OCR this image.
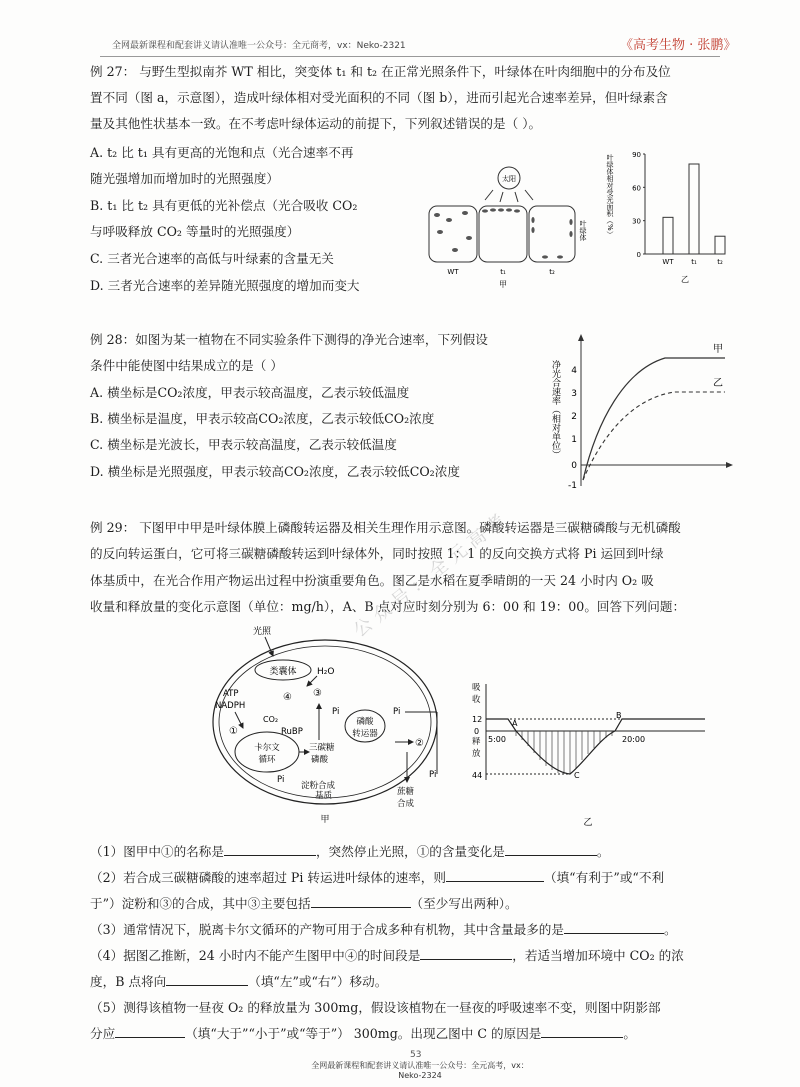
全网最新课程和配套讲义请认准唯一公众号：全元商考，vx：Neko-2321	《高考生物 · 张鹏》
公众号：全元高考
例 27： 与野生型拟南芥 WT 相比，突变体 t₁ 和 t₂ 在正常光照条件下，叶绿体在叶肉细胞中的分布及位
置不同（图 a，示意图），造成叶绿体相对受光面积的不同（图 b），进而引起光合速率差异，但叶绿素含
量及其他性状基本一致。在不考虑叶绿体运动的前提下，下列叙述错误的是（ ）。
A. t₂ 比 t₁ 具有更高的光饱和点（光合速率不再
随光强增加而增加时的光照强度）
B. t₁ 比 t₂ 具有更低的光补偿点（光合吸收 CO₂
与呼吸释放 CO₂ 等量时的光照强度）
C. 三者光合速率的高低与叶绿素的含量无关
D. 三者光合速率的差异随光照强度的增加而变大
太阳
叶绿体
WT	t₁	t₂
甲
叶绿体相对受光面积（%）
0
30
60
90
WT	t₁	t₂
乙
例 28：如图为某一植物在不同实验条件下测得的净光合速率，下列假设
条件中能使图中结果成立的是（ ）
A. 横坐标是CO₂浓度，甲表示较高温度，乙表示较低温度
B. 横坐标是温度，甲表示较高CO₂浓度，乙表示较低CO₂浓度
C. 横坐标是光波长，甲表示较高温度，乙表示较低温度
D. 横坐标是光照强度，甲表示较高CO₂浓度，乙表示较低CO₂浓度
净光合速率（相对单位） 4
3
2
1
0
-1
甲
乙
例 29： 下图甲中甲是叶绿体膜上磷酸转运器及相关生理作用示意图。磷酸转运器是三碳糖磷酸与无机磷酸
的反向转运蛋白，它可将三碳糖磷酸转运到叶绿体外，同时按照 1：1 的反向交换方式将 Pi 运回到叶绿
体基质中，在光合作用产物运出过程中扮演重要角色。图乙是水稻在夏季晴朗的一天 24 小时内 O₂ 吸
收量和释放量的变化示意图（单位：mg/h），A、B 点对应时刻分别为 6：00 和 19：00。回答下列问题：
光照
类囊体 H₂O
④
ATP
NADPH
①
CO₂
RuBP
卡尔文
循环
三碳糖
磷酸
③
Pi
淀粉合成
磷酸
转运器
Pi	Pi
②
Pi
蔗糖
合成
基质
甲
吸
收
释
放
12
0
44
A
B
C
5:00	20:00
乙
（1）图甲中①的名称是	，突然停止光照，①的含量变化是	。
（2）若合成三碳糖磷酸的速率超过 Pi 转运进叶绿体的速率，则	（填“有利于”或“不利
于”）淀粉和③的合成，其中③主要包括	（至少写出两种）。
（3）通常情况下，脱离卡尔文循环的产物可用于合成多种有机物，其中含量最多的是	。
（4）据图乙推断，24 小时内不能产生图甲中④的时间段是	，若适当增加环境中 CO₂ 的浓
度，B 点将向	（填“左”或“右”）移动。
（5）测得该植物一昼夜 O₂ 的释放量为 300mg，假设该植物在一昼夜的呼吸速率不变，则图中阴影部
分应	（填“大于”“小于”或“等于”） 300mg。出现乙图中 C 的原因是	。
全网最新课程和配套讲义请认准唯一公众号：全元高考，vx：Neko-2324
53
